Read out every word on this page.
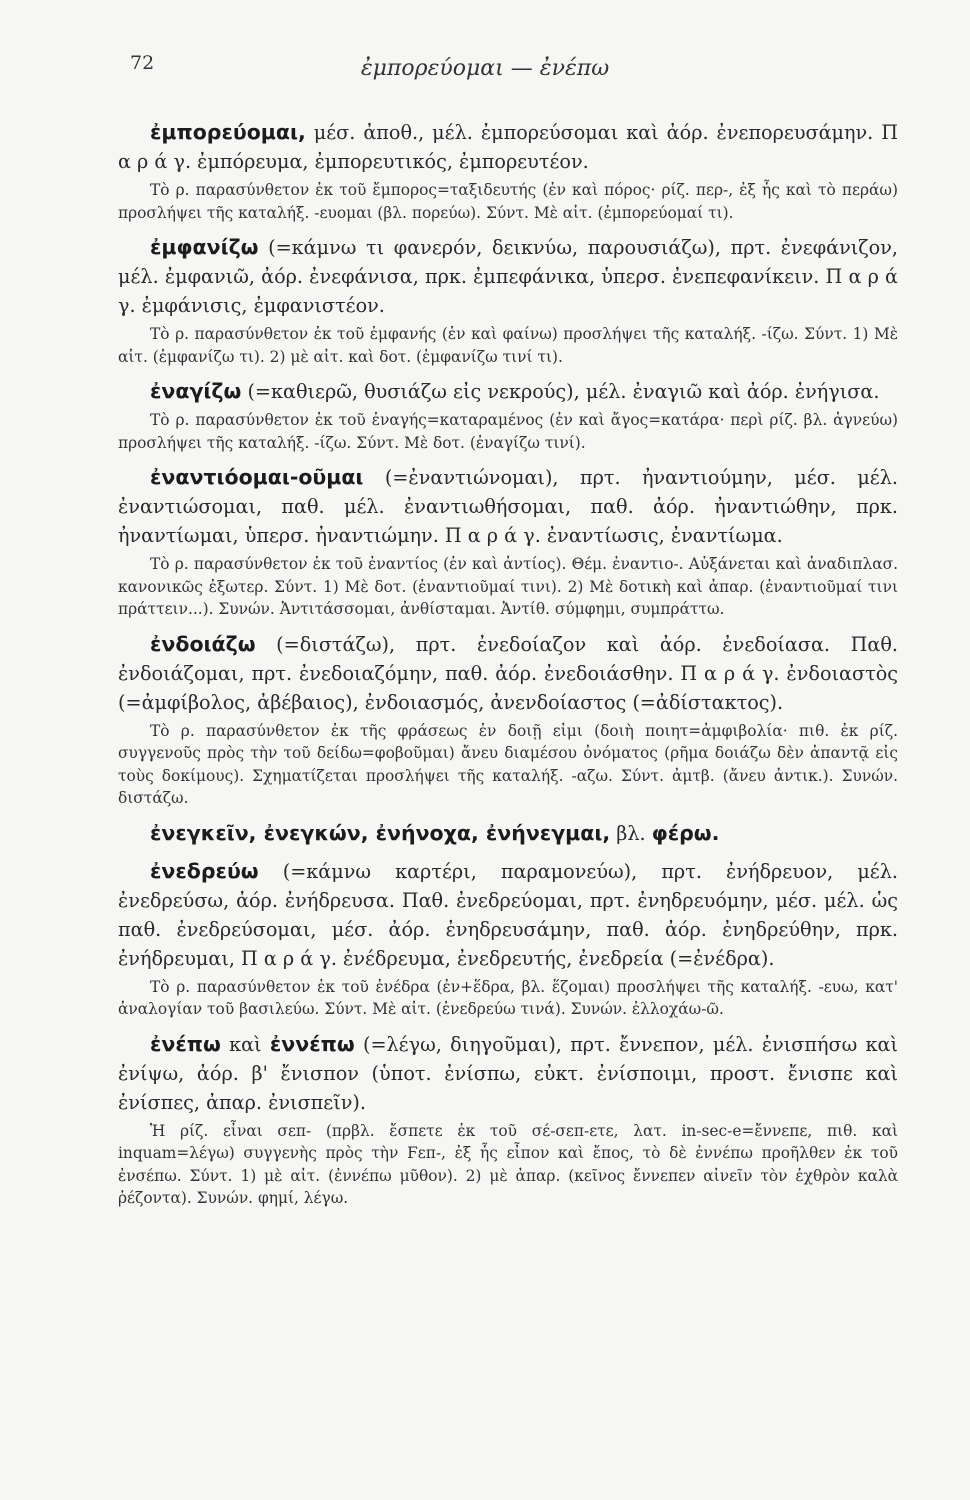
72	ἐμπορεύομαι — ἐνέπω

ἐμπορεύομαι, μέσ. ἀποθ., μέλ. ἐμπορεύσομαι καὶ ἀόρ. ἐνεπορευσάμην. Π α ρ ά γ. ἐμπόρευμα, ἐμπορευτικός, ἐμπορευτέον.

Τὸ ρ. παρασύνθετον ἐκ τοῦ ἔμπορος=ταξιδευτής (ἐν καὶ πόρος· ρίζ. περ-, ἐξ ἧς καὶ τὸ περάω) προσλήψει τῆς καταλήξ. -ευομαι (βλ. πορεύω). Σύντ. Μὲ αἰτ. (ἐμπορεύομαί τι).

ἐμφανίζω (=κάμνω τι φανερόν, δεικνύω, παρουσιάζω), πρτ. ἐνεφάνιζον, μέλ. ἐμφανιῶ, ἀόρ. ἐνεφάνισα, πρκ. ἐμπεφάνικα, ὑπερσ. ἐνεπεφανίκειν. Π α ρ ά γ. ἐμφάνισις, ἐμφανιστέον.

Τὸ ρ. παρασύνθετον ἐκ τοῦ ἐμφανής (ἐν καὶ φαίνω) προσλήψει τῆς καταλήξ. -ίζω. Σύντ. 1) Μὲ αἰτ. (ἐμφανίζω τι). 2) μὲ αἰτ. καὶ δοτ. (ἐμφανίζω τινί τι).

ἐναγίζω (=καθιερῶ, θυσιάζω εἰς νεκρούς), μέλ. ἐναγιῶ καὶ ἀόρ. ἐνήγισα.

Τὸ ρ. παρασύνθετον ἐκ τοῦ ἐναγής=καταραμένος (ἐν καὶ ἄγος=κατάρα· περὶ ρίζ. βλ. ἁγνεύω) προσλήψει τῆς καταλήξ. -ίζω. Σύντ. Μὲ δοτ. (ἐναγίζω τινί).

ἐναντιόομαι-οῦμαι (=ἐναντιώνομαι), πρτ. ἠναντιούμην, μέσ. μέλ. ἐναντιώσομαι, παθ. μέλ. ἐναντιωθήσομαι, παθ. ἀόρ. ἠναντιώθην, πρκ. ἠναντίωμαι, ὑπερσ. ἠναντιώμην. Π α ρ ά γ. ἐναντίωσις, ἐναντίωμα.

Τὸ ρ. παρασύνθετον ἐκ τοῦ ἐναντίος (ἐν καὶ ἀντίος). Θέμ. ἐναντιο-. Αὐξάνεται καὶ ἀναδιπλασ. κανονικῶς ἐξωτερ. Σύντ. 1) Μὲ δοτ. (ἐναντιοῦμαί τινι). 2) Μὲ δοτικὴ καὶ ἀπαρ. (ἐναντιοῦμαί τινι πράττειν...). Συνών. Ἀντιτάσσομαι, ἀνθίσταμαι. Ἀντίθ. σύμφημι, συμπράττω.

ἐνδοιάζω (=διστάζω), πρτ. ἐνεδοίαζον καὶ ἀόρ. ἐνεδοίασα. Παθ. ἐνδοιάζομαι, πρτ. ἐνεδοιαζόμην, παθ. ἀόρ. ἐνεδοιάσθην. Π α ρ ά γ. ἐνδοιαστὸς (=ἀμφίβολος, ἀβέβαιος), ἐνδοιασμός, ἀνενδοίαστος (=ἀδίστακτος).

Τὸ ρ. παρασύνθετον ἐκ τῆς φράσεως ἐν δοιῇ εἰμι (δοιὴ ποιητ=ἀμφιβολία· πιθ. ἐκ ρίζ. συγγενοῦς πρὸς τὴν τοῦ δείδω=φοβοῦμαι) ἄνευ διαμέσου ὀνόματος (ρῆμα δοιάζω δὲν ἀπαντᾷ εἰς τοὺς δοκίμους). Σχηματίζεται προσλήψει τῆς καταλήξ. -αζω. Σύντ. ἀμτβ. (ἄνευ ἀντικ.). Συνών. διστάζω.

ἐνεγκεῖν, ἐνεγκών, ἐνήνοχα, ἐνήνεγμαι, βλ. φέρω.

ἐνεδρεύω (=κάμνω καρτέρι, παραμονεύω), πρτ. ἐνήδρευον, μέλ. ἐνεδρεύσω, ἀόρ. ἐνήδρευσα. Παθ. ἐνεδρεύομαι, πρτ. ἐνηδρευόμην, μέσ. μέλ. ὡς παθ. ἐνεδρεύσομαι, μέσ. ἀόρ. ἐνηδρευσάμην, παθ. ἀόρ. ἐνηδρεύθην, πρκ. ἐνήδρευμαι, Π α ρ ά γ. ἐνέδρευμα, ἐνεδρευτής, ἐνεδρεία (=ἐνέδρα).

Τὸ ρ. παρασύνθετον ἐκ τοῦ ἐνέδρα (ἐν+ἕδρα, βλ. ἕζομαι) προσλήψει τῆς καταλήξ. -ευω, κατ' ἀναλογίαν τοῦ βασιλεύω. Σύντ. Μὲ αἰτ. (ἐνεδρεύω τινά). Συνών. ἐλλοχάω-ῶ.

ἐνέπω καὶ ἐννέπω (=λέγω, διηγοῦμαι), πρτ. ἔννεπον, μέλ. ἐνισπήσω καὶ ἐνίψω, ἀόρ. β' ἔνισπον (ὑποτ. ἐνίσπω, εὐκτ. ἐνίσποιμι, προστ. ἔνισπε καὶ ἐνίσπες, ἀπαρ. ἐνισπεῖν).

Ἡ ρίζ. εἶναι σεπ- (πρβλ. ἔσπετε ἐκ τοῦ σέ-σεπ-ετε, λατ. in-sec-e=ἔννεπε, πιθ. καὶ inquam=λέγω) συγγενὴς πρὸς τὴν Ϝεπ-, ἐξ ἧς εἶπον καὶ ἔπος, τὸ δὲ ἐννέπω προῆλθεν ἐκ τοῦ ἐνσέπω. Σύντ. 1) μὲ αἰτ. (ἐννέπω μῦθον). 2) μὲ ἀπαρ. (κεῖνος ἔννεπεν αἰνεῖν τὸν ἐχθρὸν καλὰ ῥέζοντα). Συνών. φημί, λέγω.
